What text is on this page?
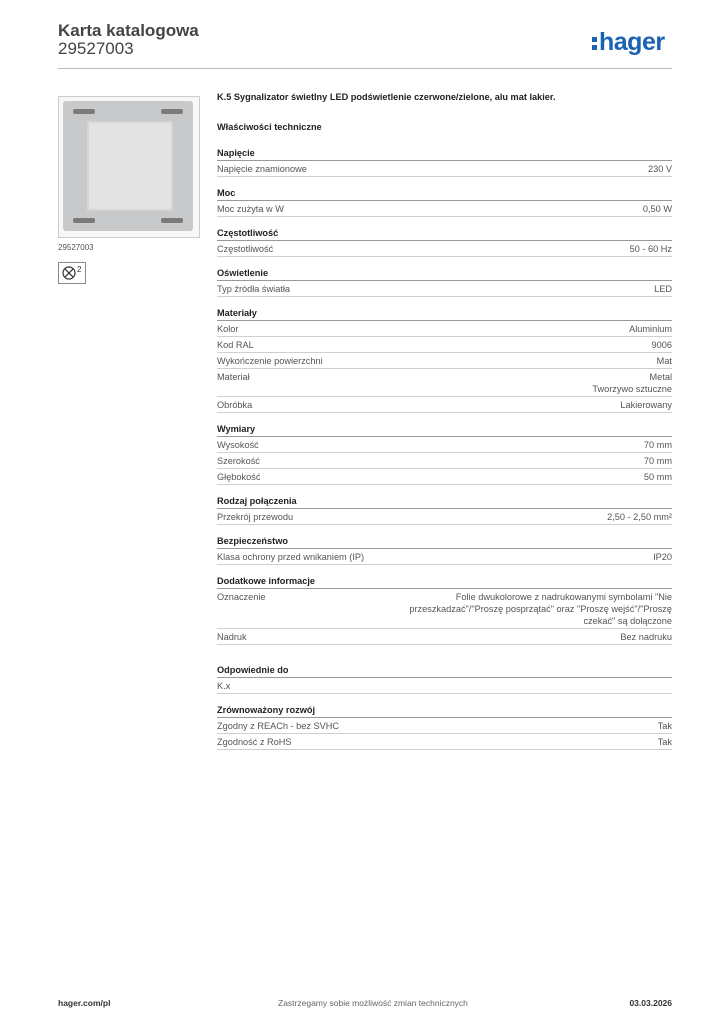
Karta katalogowa
29527003	hager
29527003
2
K.5 Sygnalizator świetlny LED podświetlenie czerwone/zielone, alu mat lakier.
Właściwości techniczne
Napięcie
Napięcie znamionowe	230 V
Moc
Moc zużyta w W	0,50 W
Częstotliwość
Częstotliwość	50 - 60 Hz
Oświetlenie
Typ źródła światła	LED
Materiały
Kolor	Aluminium
Kod RAL	9006
Wykończenie powierzchni	Mat
Materiał	Metal
Tworzywo sztuczne
Obróbka	Lakierowany
Wymiary
Wysokość	70 mm
Szerokość	70 mm
Głębokość	50 mm
Rodzaj połączenia
Przekrój przewodu	2,50 - 2,50 mm²
Bezpieczeństwo
Klasa ochrony przed wnikaniem (IP)	IP20
Dodatkowe informacje
Oznaczenie	Folie dwukolorowe z nadrukowanymi symbolami "Nie przeszkadzać"/"Proszę posprzątać" oraz "Proszę wejść"/"Proszę czekać" są dołączone
Nadruk	Bez nadruku
Odpowiednie do
K.x
Zrównoważony rozwój
Zgodny z REACh - bez SVHC	Tak
Zgodność z RoHS	Tak
hager.com/pl	Zastrzegamy sobie możliwość zmian technicznych	03.03.2026
